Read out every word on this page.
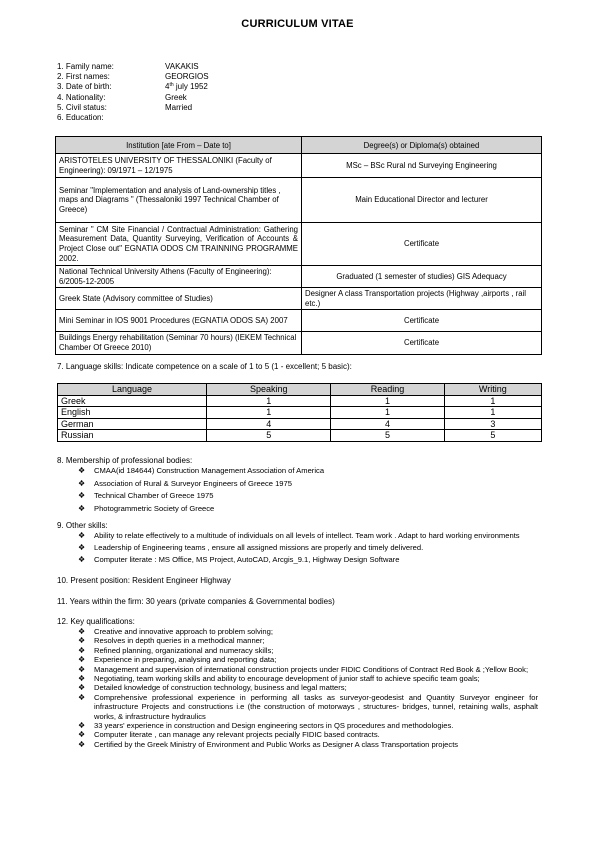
CURRICULUM VITAE
1. Family name:	VAKAKIS
2. First names:	GEORGIOS
3. Date of birth:	4th july 1952
4. Nationality:	Greek
5. Civil status:	Married
6. Education:
Institution [ate From – Date to]	Degree(s) or Diploma(s) obtained
ARISTOTELES UNIVERSITY OF THESSALONIKI (Faculty of Engineering): 09/1971 – 12/1975	MSc – BSc Rural nd Surveying Engineering
Seminar "Implementation and analysis of Land-ownership titles , maps and Diagrams " (Thessaloniki 1997 Technical Chamber of Greece)	Main Educational Director and lecturer
Seminar " CM Site Financial / Contractual Administration: Gathering Measurement Data, Quantity Surveying, Verification of Accounts & Project Close out" EGNATIA ODOS CM TRAINNING PROGRAMME 2002.	Certificate
National Technical University Athens (Faculty of Engineering): 6/2005-12-2005	Graduated (1 semester of studies) GIS Adequacy
Greek State (Advisory committee of Studies)	Designer A class Transportation projects (Highway ,airports , rail etc.)
Mini Seminar in IOS 9001 Procedures (EGNATIA ODOS SA) 2007	Certificate
Buildings Energy rehabilitation (Seminar 70 hours) (IEKEM Technical Chamber Of Greece 2010)	Certificate
7. Language skills: Indicate competence on a scale of 1 to 5 (1 - excellent; 5 basic):
Language	Speaking	Reading	Writing
Greek	1	1	1
English	1	1	1
German	4	4	3
Russian	5	5	5
8. Membership of professional bodies:
❖	CMAA(id 184644) Construction Management Association of America
❖	Association of Rural & Surveyor Engineers of Greece 1975
❖	Technical Chamber of Greece 1975
❖	Photogrammetric Society of Greece
9. Other skills:
❖	Ability to relate effectively to a multitude of individuals on all levels of intellect. Team work . Adapt to hard working environments
❖	Leadership of Engineering teams , ensure all assigned missions are properly and timely delivered.
❖	Computer literate : MS Office, MS Project, AutoCAD, Arcgis_9.1, Highway Design Software
10. Present position: Resident Engineer Highway
11. Years within the firm: 30 years (private companies & Governmental bodies)
12. Key qualifications:
❖	Creative and innovative approach to problem solving;
❖	Resolves in depth queries in a methodical manner;
❖	Refined planning, organizational and numeracy skills;
❖	Experience in preparing, analysing and reporting data;
❖	Management and supervision of international construction projects under FIDIC Conditions of Contract Red Book & ;Yellow Book;
❖	Negotiating, team working skills and ability to encourage development of junior staff to achieve specific team goals;
❖	Detailed knowledge of construction technology, business and legal matters;
❖	Comprehensive professional experience in performing all tasks as surveyor-geodesist and Quantity Surveyor engineer for infrastructure Projects and constructions i.e (the construction of motorways , structures- bridges, tunnel, retaining walls, asphalt works, & infrastructure hydraulics
❖	33 years' experience in construction and Design engineering sectors in QS procedures and methodologies.
❖	Computer literate , can manage any relevant projects pecially FIDIC based contracts.
❖	Certified by the Greek Ministry of Environment and Public Works as Designer A class Transportation projects
